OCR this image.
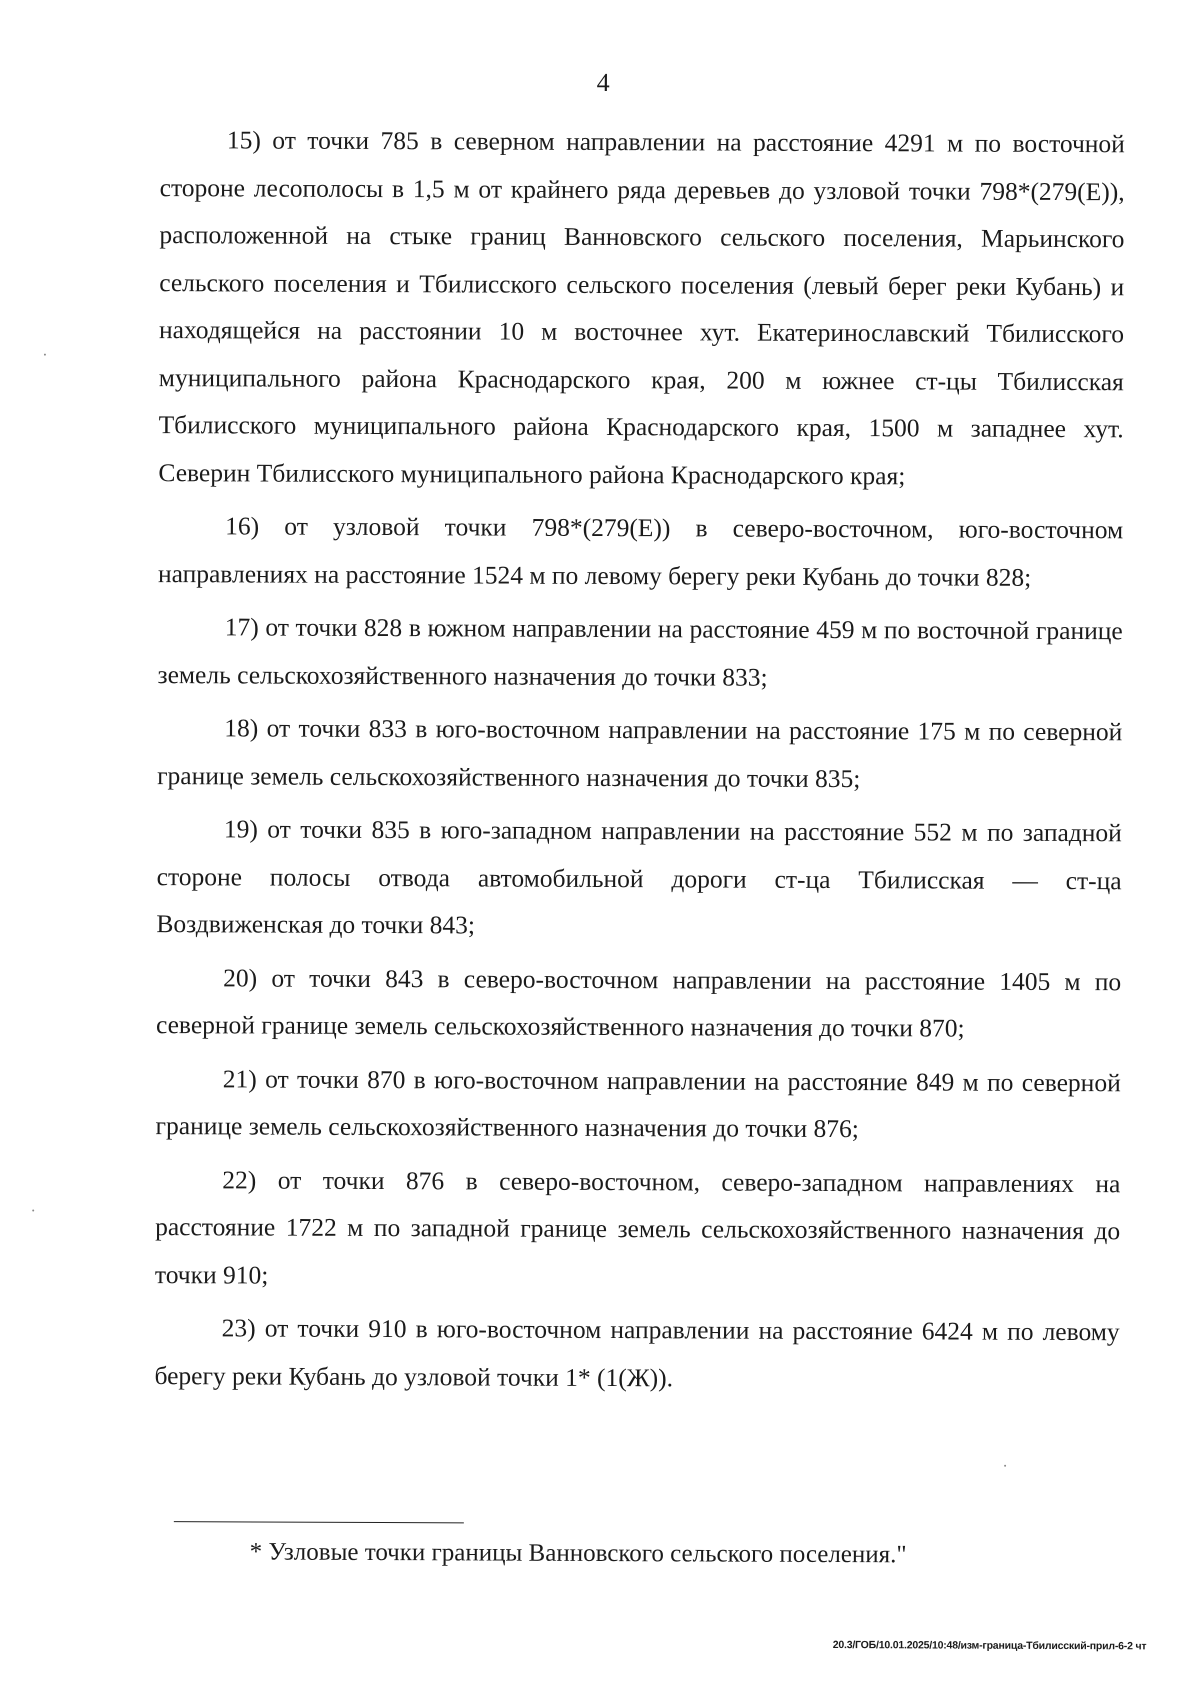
4

15) от точки 785 в северном направлении на расстояние 4291 м по восточной стороне лесополосы в 1,5 м от крайнего ряда деревьев до узловой точки 798*(279(Е)), расположенной на стыке границ Ванновского сельского поселения, Марьинского сельского поселения и Тбилисского сельского поселения (левый берег реки Кубань) и находящейся на расстоянии 10 м восточнее хут. Екатеринославский Тбилисского муниципального района Краснодарского края, 200 м южнее ст-цы Тбилисская Тбилисского муниципального района Краснодарского края, 1500 м западнее хут. Северин Тбилисского муниципального района Краснодарского края;

16) от узловой точки 798*(279(Е)) в северо-восточном, юго-восточном направлениях на расстояние 1524 м по левому берегу реки Кубань до точки 828;

17) от точки 828 в южном направлении на расстояние 459 м по восточной границе земель сельскохозяйственного назначения до точки 833;

18) от точки 833 в юго-восточном направлении на расстояние 175 м по северной границе земель сельскохозяйственного назначения до точки 835;

19) от точки 835 в юго-западном направлении на расстояние 552 м по западной стороне полосы отвода автомобильной дороги ст-ца Тбилисская — ст-ца Воздвиженская до точки 843;

20) от точки 843 в северо-восточном направлении на расстояние 1405 м по северной границе земель сельскохозяйственного назначения до точки 870;

21) от точки 870 в юго-восточном направлении на расстояние 849 м по северной границе земель сельскохозяйственного назначения до точки 876;

22) от точки 876 в северо-восточном, северо-западном направлениях на расстояние 1722 м по западной границе земель сельскохозяйственного назначения до точки 910;

23) от точки 910 в юго-восточном направлении на расстояние 6424 м по левому берегу реки Кубань до узловой точки 1* (1(Ж)).

* Узловые точки границы Ванновского сельского поселения."
20.3/ГОБ/10.01.2025/10:48/изм-граница-Тбилисский-прил-6-2 чт
